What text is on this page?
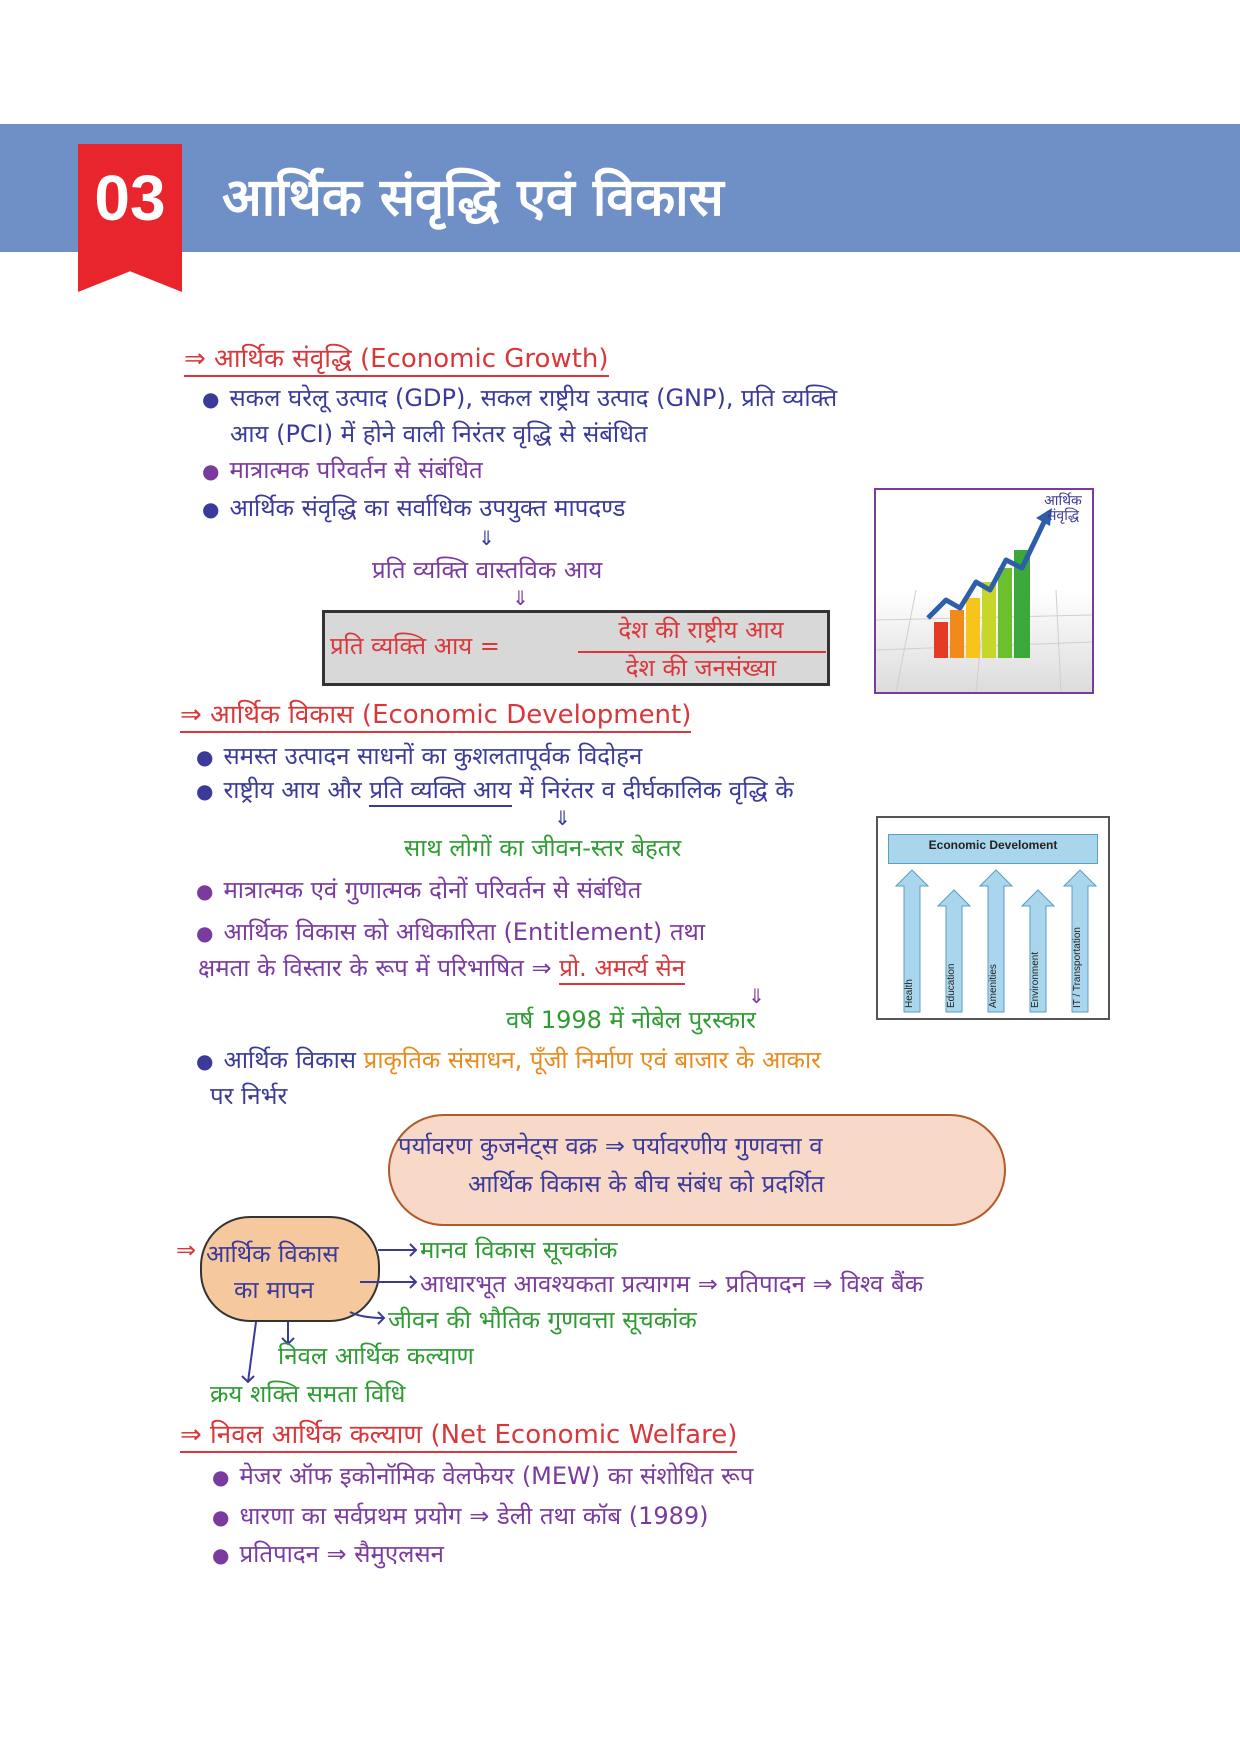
03	आर्थिक संवृद्धि एवं विकास
⇒ आर्थिक संवृद्धि (Economic Growth)
● सकल घरेलू उत्पाद (GDP), सकल राष्ट्रीय उत्पाद (GNP), प्रति व्यक्ति
आय (PCI) में होने वाली निरंतर वृद्धि से संबंधित
● मात्रात्मक परिवर्तन से संबंधित
● आर्थिक संवृद्धि का सर्वाधिक उपयुक्त मापदण्ड
⇓
प्रति व्यक्ति वास्तविक आय
⇓
प्रति व्यक्ति आय =
देश की राष्ट्रीय आय
देश की जनसंख्या
आर्थिक संवृद्धि
⇒ आर्थिक विकास (Economic Development)
● समस्त उत्पादन साधनों का कुशलतापूर्वक विदोहन
● राष्ट्रीय आय और प्रति व्यक्ति आय में निरंतर व दीर्घकालिक वृद्धि के
⇓
साथ लोगों का जीवन-स्तर बेहतर
● मात्रात्मक एवं गुणात्मक दोनों परिवर्तन से संबंधित
● आर्थिक विकास को अधिकारिता (Entitlement) तथा
क्षमता के विस्तार के रूप में परिभाषित ⇒ प्रो. अमर्त्य सेन
⇓
वर्ष 1998 में नोबेल पुरस्कार
● आर्थिक विकास प्राकृतिक संसाधन, पूँजी निर्माण एवं बाजार के आकार
पर निर्भर
Economic Develoment
Health	Education	Amenities	Environment	IT / Transportation
पर्यावरण कुजनेट्स वक्र ⇒ पर्यावरणीय गुणवत्ता व
आर्थिक विकास के बीच संबंध को प्रदर्शित
⇒ आर्थिक विकास
का मापन
मानव विकास सूचकांक
आधारभूत आवश्यकता प्रत्यागम ⇒ प्रतिपादन ⇒ विश्व बैंक
जीवन की भौतिक गुणवत्ता सूचकांक
निवल आर्थिक कल्याण
क्रय शक्ति समता विधि
⇒ निवल आर्थिक कल्याण (Net Economic Welfare)
● मेजर ऑफ इकोनॉमिक वेलफेयर (MEW) का संशोधित रूप
● धारणा का सर्वप्रथम प्रयोग ⇒ डेली तथा कॉब (1989)
● प्रतिपादन ⇒ सैमुएलसन
